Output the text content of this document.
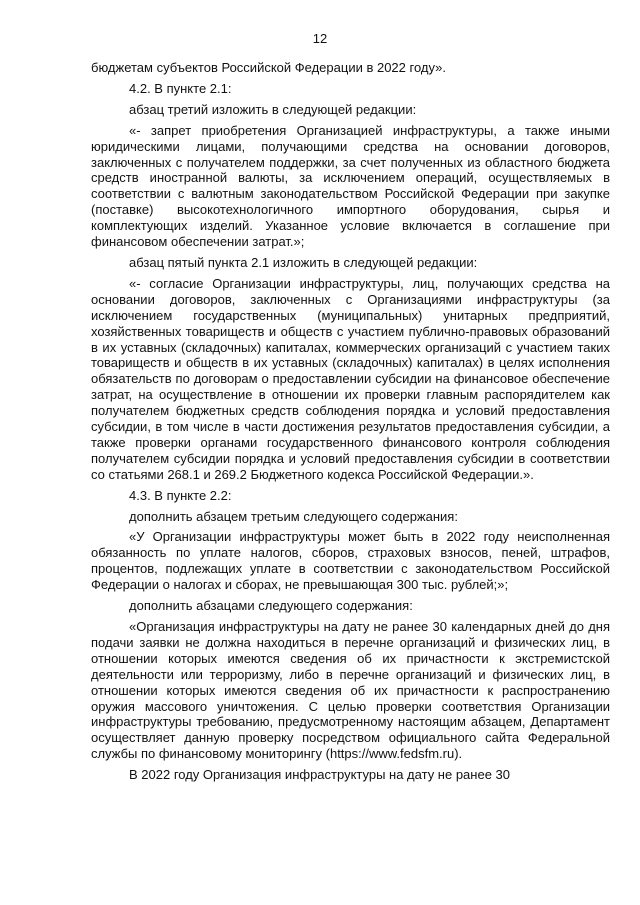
12

бюджетам субъектов Российской Федерации в 2022 году».

4.2. В пункте 2.1:

абзац третий изложить в следующей редакции:

«- запрет приобретения Организацией инфраструктуры, а также иными юридическими лицами, получающими средства на основании договоров, заключенных с получателем поддержки, за счет полученных из областного бюджета средств иностранной валюты, за исключением операций, осуществляемых в соответствии с валютным законодательством Российской Федерации при закупке (поставке) высокотехнологичного импортного оборудования, сырья и комплектующих изделий. Указанное условие включается в соглашение при финансовом обеспечении затрат.»;

абзац пятый пункта 2.1 изложить в следующей редакции:

«- согласие Организации инфраструктуры, лиц, получающих средства на основании договоров, заключенных с Организациями инфраструктуры (за исключением государственных (муниципальных) унитарных предприятий, хозяйственных товариществ и обществ с участием публично-правовых образований в их уставных (складочных) капиталах, коммерческих организаций с участием таких товариществ и обществ в их уставных (складочных) капиталах) в целях исполнения обязательств по договорам о предоставлении субсидии на финансовое обеспечение затрат, на осуществление в отношении их проверки главным распорядителем как получателем бюджетных средств соблюдения порядка и условий предоставления субсидии, в том числе в части достижения результатов предоставления субсидии, а также проверки органами государственного финансового контроля соблюдения получателем субсидии порядка и условий предоставления субсидии в соответствии со статьями 268.1 и 269.2 Бюджетного кодекса Российской Федерации.».

4.3. В пункте 2.2:

дополнить абзацем третьим следующего содержания:

«У Организации инфраструктуры может быть в 2022 году неисполненная обязанность по уплате налогов, сборов, страховых взносов, пеней, штрафов, процентов, подлежащих уплате в соответствии с законодательством Российской Федерации о налогах и сборах, не превышающая 300 тыс. рублей;»;

дополнить абзацами следующего содержания:

«Организация инфраструктуры на дату не ранее 30 календарных дней до дня подачи заявки не должна находиться в перечне организаций и физических лиц, в отношении которых имеются сведения об их причастности к экстремистской деятельности или терроризму, либо в перечне организаций и физических лиц, в отношении которых имеются сведения об их причастности к распространению оружия массового уничтожения. С целью проверки соответствия Организации инфраструктуры требованию, предусмотренному настоящим абзацем, Департамент осуществляет данную проверку посредством официального сайта Федеральной службы по финансовому мониторингу (https://www.fedsfm.ru).

В 2022 году Организация инфраструктуры на дату не ранее 30
